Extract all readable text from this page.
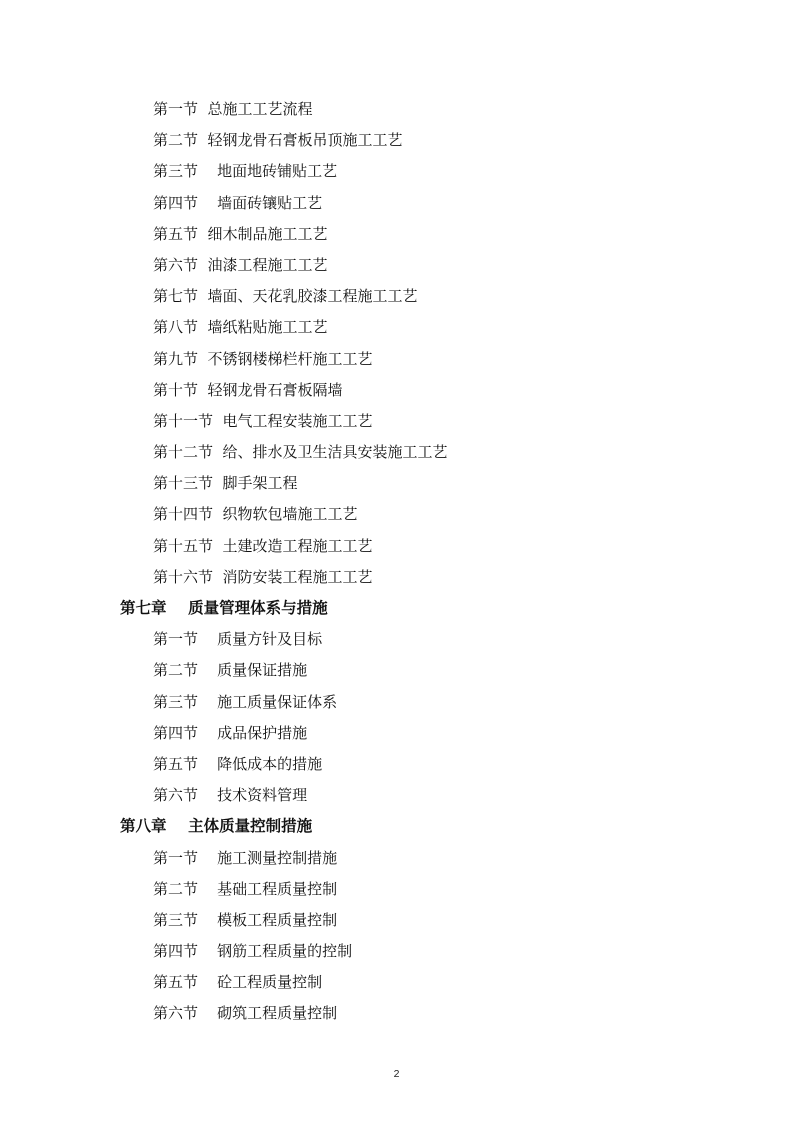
第一节  总施工工艺流程
第二节  轻钢龙骨石膏板吊顶施工工艺
第三节    地面地砖铺贴工艺
第四节    墙面砖镶贴工艺
第五节  细木制品施工工艺
第六节  油漆工程施工工艺
第七节  墙面、天花乳胶漆工程施工工艺
第八节  墙纸粘贴施工工艺
第九节  不锈钢楼梯栏杆施工工艺
第十节  轻钢龙骨石膏板隔墙
第十一节  电气工程安装施工工艺
第十二节  给、排水及卫生洁具安装施工工艺
第十三节  脚手架工程
第十四节  织物软包墙施工工艺
第十五节  土建改造工程施工工艺
第十六节  消防安装工程施工工艺
第七章    质量管理体系与措施
第一节    质量方针及目标
第二节    质量保证措施
第三节    施工质量保证体系
第四节    成品保护措施
第五节    降低成本的措施
第六节    技术资料管理
第八章    主体质量控制措施
第一节    施工测量控制措施
第二节    基础工程质量控制
第三节    模板工程质量控制
第四节    钢筋工程质量的控制
第五节    砼工程质量控制
第六节    砌筑工程质量控制
2
